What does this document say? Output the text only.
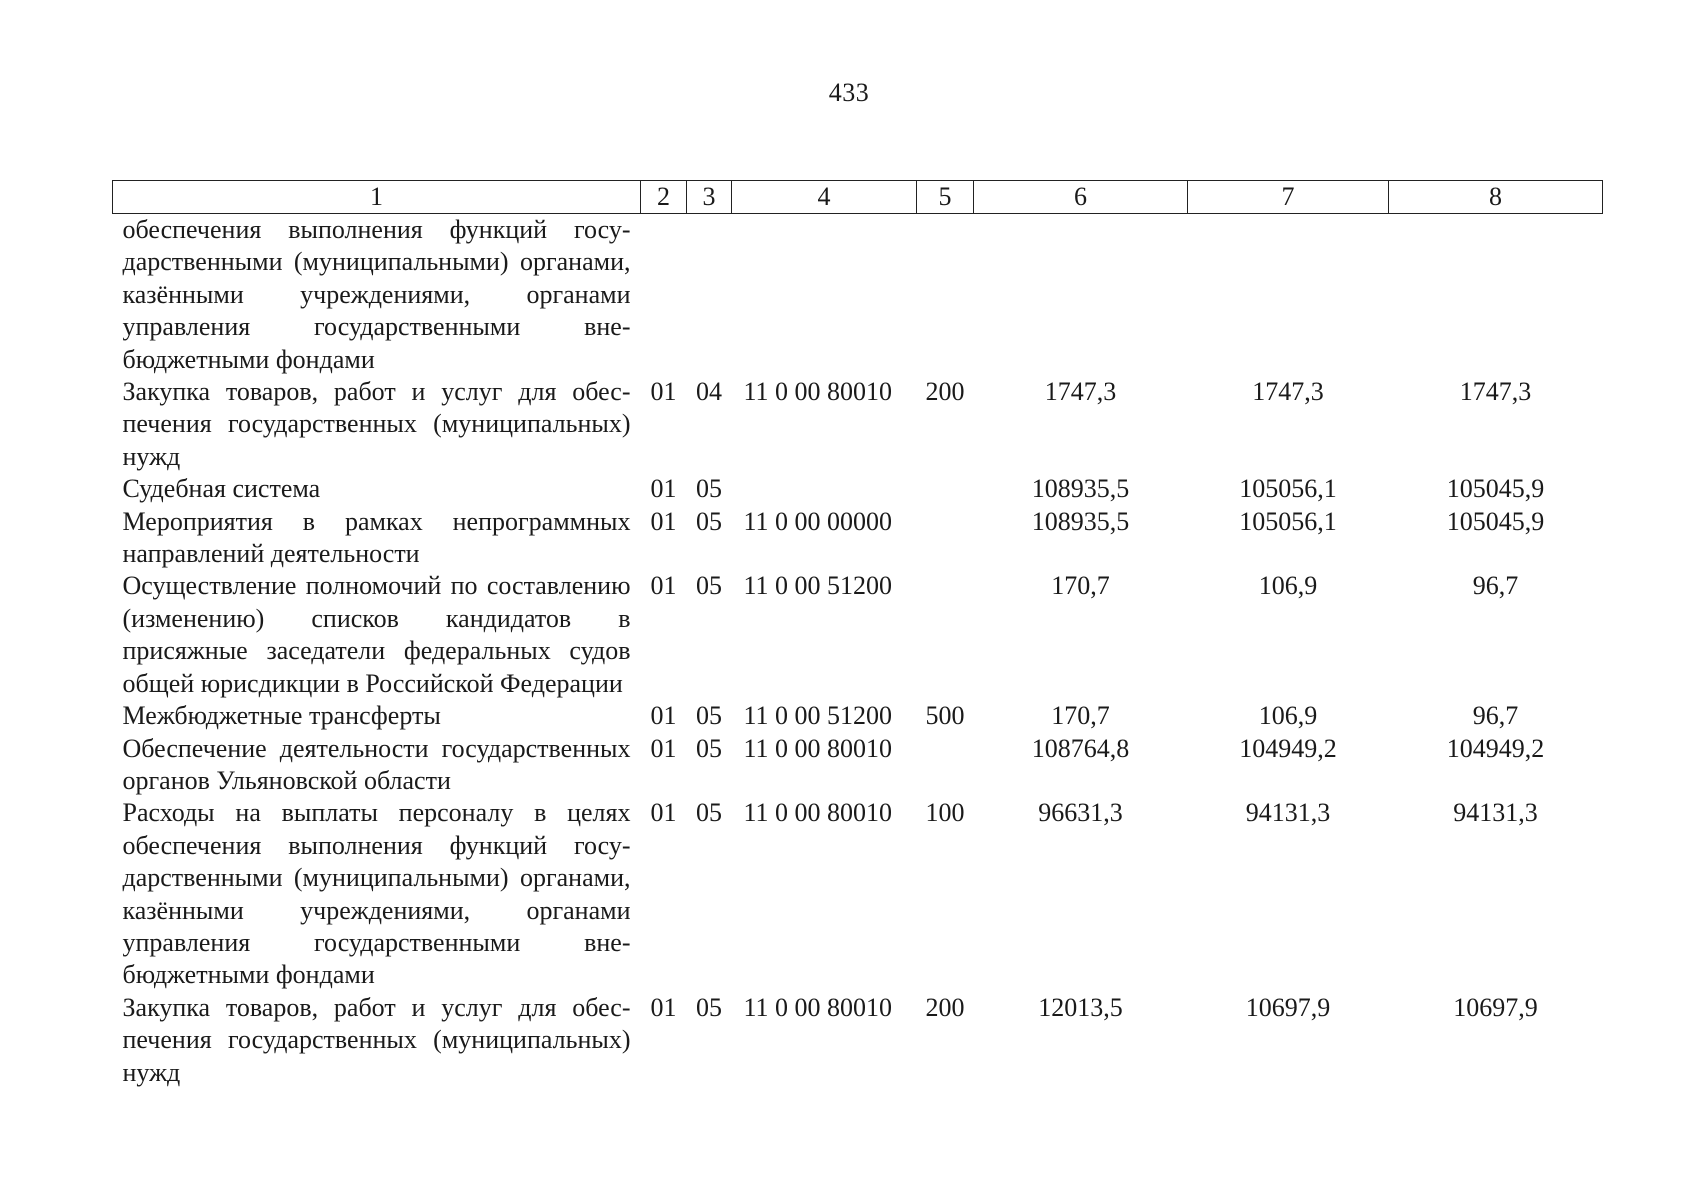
433
1	2	3	4	5	6	7	8
обеспечения выполнения функций государственными (муниципальными) органами, казёнными учреждениями, органами управления государственными внебюджетными фондами							
Закупка товаров, работ и услуг для обеспечения государственных (муниципальных) нужд	01	04	11 0 00 80010	200	1747,3	1747,3	1747,3
Судебная система	01	05			108935,5	105056,1	105045,9
Мероприятия в рамках непрограммных направлений деятельности	01	05	11 0 00 00000		108935,5	105056,1	105045,9
Осуществление полномочий по составлению (изменению) списков кандидатов в присяжные заседатели федеральных судов общей юрисдикции в Российской Федерации	01	05	11 0 00 51200		170,7	106,9	96,7
Межбюджетные трансферты	01	05	11 0 00 51200	500	170,7	106,9	96,7
Обеспечение деятельности государственных органов Ульяновской области	01	05	11 0 00 80010		108764,8	104949,2	104949,2
Расходы на выплаты персоналу в целях обеспечения выполнения функций государственными (муниципальными) органами, казёнными учреждениями, органами управления государственными внебюджетными фондами	01	05	11 0 00 80010	100	96631,3	94131,3	94131,3
Закупка товаров, работ и услуг для обеспечения государственных (муниципальных) нужд	01	05	11 0 00 80010	200	12013,5	10697,9	10697,9
